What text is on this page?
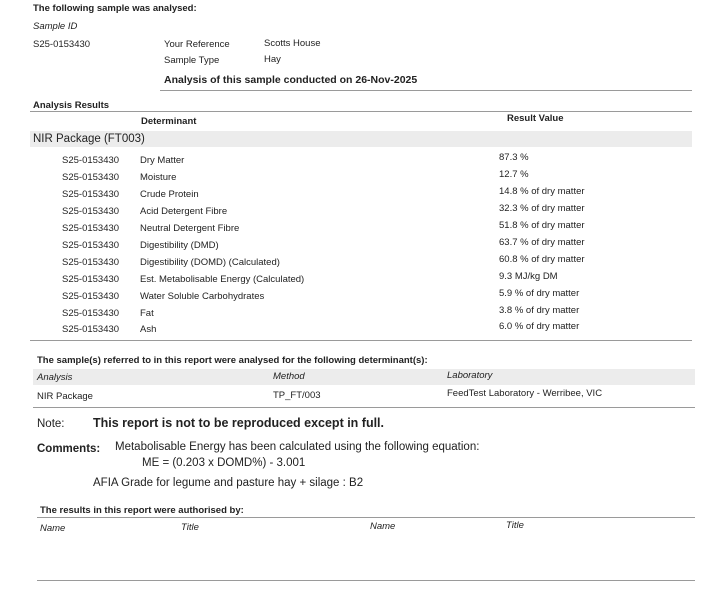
The following sample was analysed:
Sample ID
S25-0153430	Your Reference	Scotts House
Sample Type	Hay
Analysis of this sample conducted on 26-Nov-2025
Analysis Results
Determinant	Result Value
NIR Package (FT003)
S25-0153430 Dry Matter	87.3 %
S25-0153430 Moisture	12.7 %
S25-0153430 Crude Protein	14.8 % of dry matter
S25-0153430 Acid Detergent Fibre	32.3 % of dry matter
S25-0153430 Neutral Detergent Fibre	51.8 % of dry matter
S25-0153430 Digestibility (DMD)	63.7 % of dry matter
S25-0153430 Digestibility (DOMD) (Calculated)	60.8 % of dry matter
S25-0153430 Est. Metabolisable Energy (Calculated)	9.3 MJ/kg DM
S25-0153430 Water Soluble Carbohydrates	5.9 % of dry matter
S25-0153430 Fat	3.8 % of dry matter
S25-0153430 Ash	6.0 % of dry matter
The sample(s) referred to in this report were analysed for the following determinant(s):
Analysis	Method	Laboratory
NIR Package	TP_FT/003	FeedTest Laboratory - Werribee, VIC
Note: This report is not to be reproduced except in full.
Comments: Metabolisable Energy has been calculated using the following equation:
ME = (0.203 x DOMD%) - 3.001
AFIA Grade for legume and pasture hay + silage : B2
The results in this report were authorised by:
Name	Title	Name	Title
